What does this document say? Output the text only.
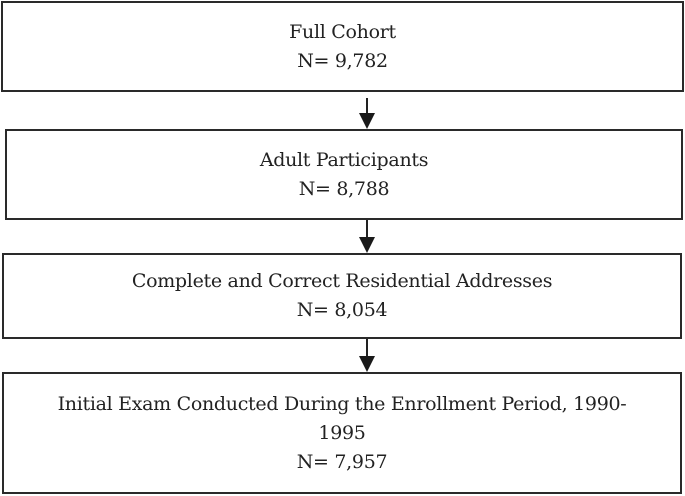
Full Cohort
N= 9,782
Adult Participants
N= 8,788
Complete and Correct Residential Addresses
N= 8,054
Initial Exam Conducted During the Enrollment Period, 1990-
1995
N= 7,957
